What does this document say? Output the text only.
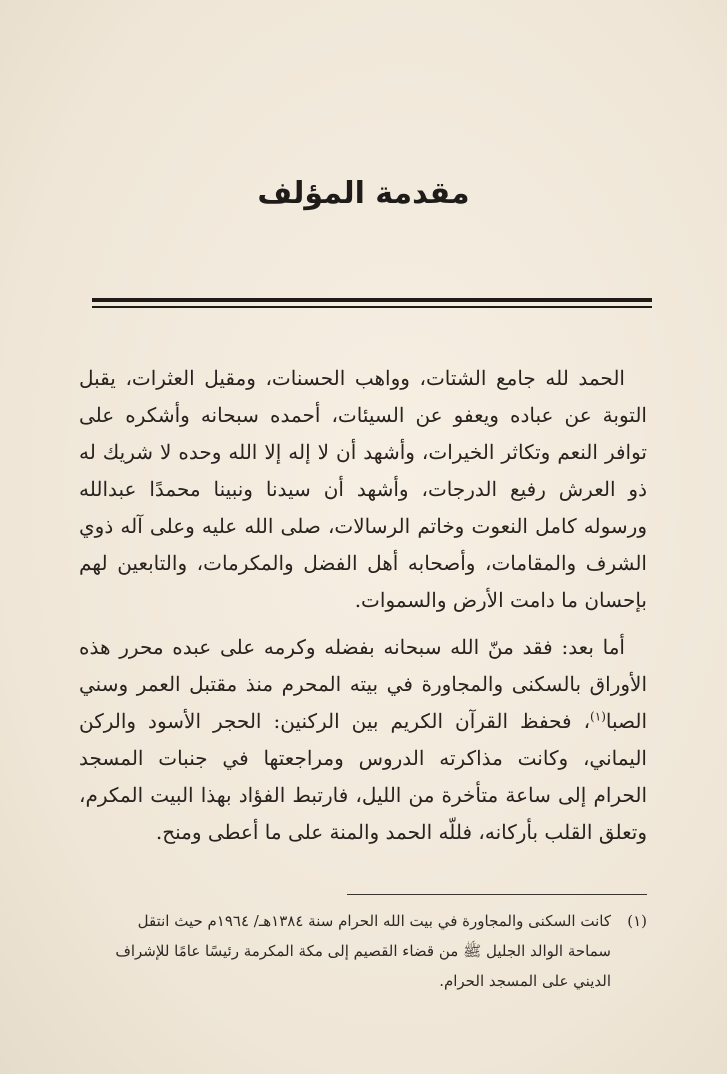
مقدمة المؤلف

الحمد لله جامع الشتات، وواهب الحسنات، ومقيل العثرات، يقبل التوبة عن عباده ويعفو عن السيئات، أحمده سبحانه وأشكره على توافر النعم وتكاثر الخيرات، وأشهد أن لا إله إلا الله وحده لا شريك له ذو العرش رفيع الدرجات، وأشهد أن سيدنا ونبينا محمدًا عبدالله ورسوله كامل النعوت وخاتم الرسالات، صلى الله عليه وعلى آله ذوي الشرف والمقامات، وأصحابه أهل الفضل والمكرمات، والتابعين لهم بإحسان ما دامت الأرض والسموات.

أما بعد: فقد منّ الله سبحانه بفضله وكرمه على عبده محرر هذه الأوراق بالسكنى والمجاورة في بيته المحرم منذ مقتبل العمر وسني الصبا$^{(١)}$، فحفظ القرآن الكريم بين الركنين: الحجر الأسود والركن اليماني، وكانت مذاكرته الدروس ومراجعتها في جنبات المسجد الحرام إلى ساعة متأخرة من الليل، فارتبط الفؤاد بهذا البيت المكرم، وتعلق القلب بأركانه، فللّه الحمد والمنة على ما أعطى ومنح.

(١)كانت السكنى والمجاورة في بيت الله الحرام سنة ١٣٨٤هـ/ ١٩٦٤م حيث انتقل
سماحة الوالد الجليل ﷺ من قضاء القصيم إلى مكة المكرمة رئيسًا عامًا للإشراف
الديني على المسجد الحرام.
